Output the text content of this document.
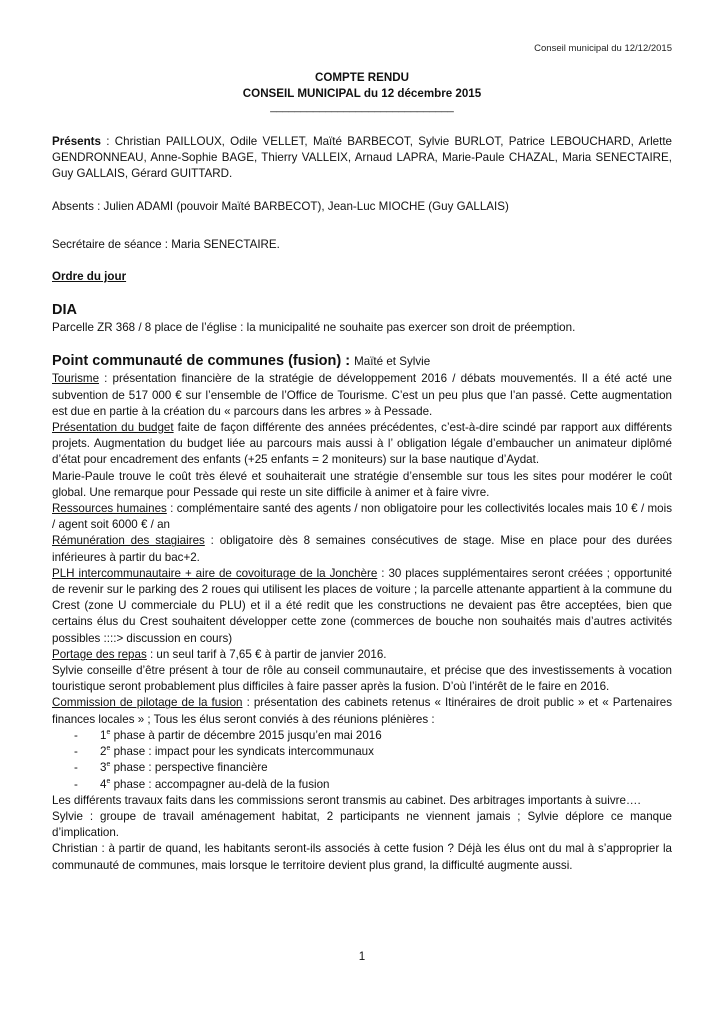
Conseil municipal du 12/12/2015
COMPTE RENDU
CONSEIL MUNICIPAL du 12 décembre 2015
______________________________

Présents : Christian PAILLOUX, Odile VELLET, Maïté BARBECOT, Sylvie BURLOT, Patrice LEBOUCHARD, Arlette GENDRONNEAU, Anne-Sophie BAGE, Thierry VALLEIX, Arnaud LAPRA, Marie-Paule CHAZAL, Maria SENECTAIRE, Guy GALLAIS, Gérard GUITTARD.

Absents : Julien ADAMI (pouvoir Maïté BARBECOT), Jean-Luc MIOCHE (Guy GALLAIS)

Secrétaire de séance : Maria SENECTAIRE.

Ordre du jour

DIA

Parcelle ZR 368 / 8 place de l’église : la municipalité ne souhaite pas exercer son droit de préemption.

Point communauté de communes (fusion) : Maïté et Sylvie

Tourisme : présentation financière de la stratégie de développement 2016 / débats mouvementés. Il a été acté une subvention de 517 000 € sur l’ensemble de l’Office de Tourisme. C’est un peu plus que l’an passé. Cette augmentation est due en partie à la création du « parcours dans les arbres » à Pessade.

Présentation du budget faite de façon différente des années précédentes, c’est-à-dire scindé par rapport aux différents projets. Augmentation du budget liée au parcours mais aussi à l’ obligation légale d’embaucher un animateur diplômé d’état pour encadrement des enfants (+25 enfants = 2 moniteurs) sur la base nautique d’Aydat.

Marie-Paule trouve le coût très élevé et souhaiterait une stratégie d’ensemble sur tous les sites pour modérer le coût global. Une remarque pour Pessade qui reste un site difficile à animer et à faire vivre.

Ressources humaines : complémentaire santé des agents / non obligatoire pour les collectivités locales mais 10 € / mois / agent soit 6000 € / an

Rémunération des stagiaires : obligatoire dès 8 semaines consécutives de stage. Mise en place pour des durées inférieures à partir du bac+2.

PLH intercommunautaire + aire de covoiturage de la Jonchère : 30 places supplémentaires seront créées ; opportunité de revenir sur le parking des 2 roues qui utilisent les places de voiture ; la parcelle attenante appartient à la commune du Crest (zone U commerciale du PLU) et il a été redit que les constructions ne devaient pas être acceptées, bien que certains élus du Crest souhaitent développer cette zone (commerces de bouche non souhaités mais d’autres activités possibles ::::> discussion en cours)

Portage des repas : un seul tarif à 7,65 € à partir de janvier 2016.

Sylvie conseille d’être présent à tour de rôle au conseil communautaire, et précise que des investissements à vocation touristique seront probablement plus difficiles à faire passer après la fusion. D’où l’intérêt de le faire en 2016.

Commission de pilotage de la fusion : présentation des cabinets retenus « Itinéraires de droit public » et « Partenaires finances locales » ; Tous les élus seront conviés à des réunions plénières :

- 1e phase à partir de décembre 2015 jusqu’en mai 2016
- 2e phase : impact pour les syndicats intercommunaux
- 3e phase : perspective financière
- 4e phase : accompagner au-delà de la fusion

Les différents travaux faits dans les commissions seront transmis au cabinet. Des arbitrages importants à suivre….

Sylvie : groupe de travail aménagement habitat, 2 participants ne viennent jamais ; Sylvie déplore ce manque d’implication.

Christian : à partir de quand, les habitants seront-ils associés à cette fusion ? Déjà les élus ont du mal à s’approprier la communauté de communes, mais lorsque le territoire devient plus grand, la difficulté augmente aussi.

1
